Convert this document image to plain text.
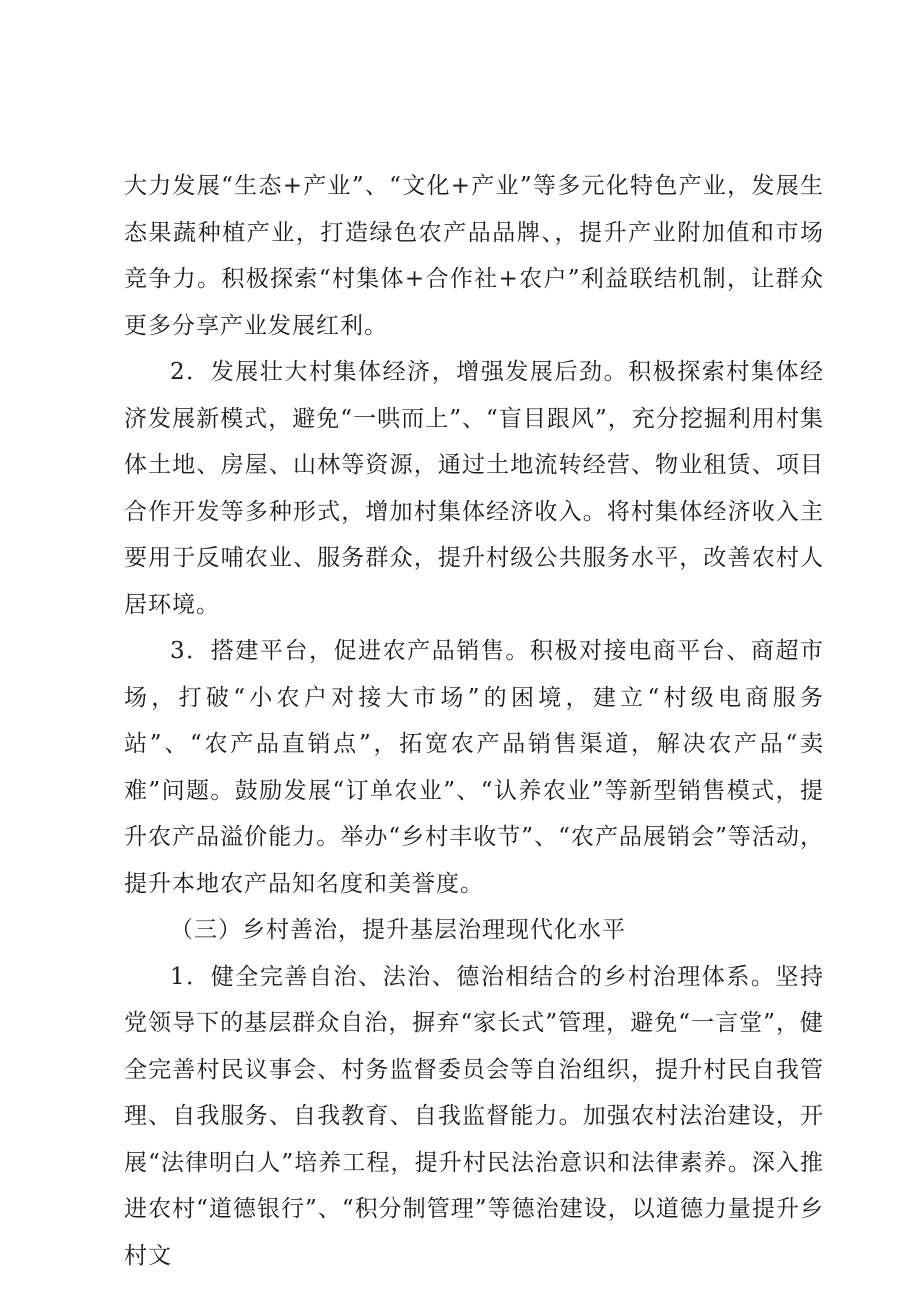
大力发展“生态+产业”、“文化+产业”等多元化特色产业，发展生态果蔬种植产业，打造绿色农产品品牌、，提升产业附加值和市场竞争力。积极探索“村集体+合作社+农户”利益联结机制，让群众更多分享产业发展红利。

2．发展壮大村集体经济，增强发展后劲。积极探索村集体经济发展新模式，避免“一哄而上”、“盲目跟风”，充分挖掘利用村集体土地、房屋、山林等资源，通过土地流转经营、物业租赁、项目合作开发等多种形式，增加村集体经济收入。将村集体经济收入主要用于反哺农业、服务群众，提升村级公共服务水平，改善农村人居环境。

3．搭建平台，促进农产品销售。积极对接电商平台、商超市场，打破“小农户对接大市场”的困境，建立“村级电商服务站”、“农产品直销点”，拓宽农产品销售渠道，解决农产品“卖难”问题。鼓励发展“订单农业”、“认养农业”等新型销售模式，提升农产品溢价能力。举办“乡村丰收节”、“农产品展销会”等活动，提升本地农产品知名度和美誉度。

（三）乡村善治，提升基层治理现代化水平

1．健全完善自治、法治、德治相结合的乡村治理体系。坚持党领导下的基层群众自治，摒弃“家长式”管理，避免“一言堂”，健全完善村民议事会、村务监督委员会等自治组织，提升村民自我管理、自我服务、自我教育、自我监督能力。加强农村法治建设，开展“法律明白人”培养工程，提升村民法治意识和法律素养。深入推进农村“道德银行”、“积分制管理”等德治建设，以道德力量提升乡村文
